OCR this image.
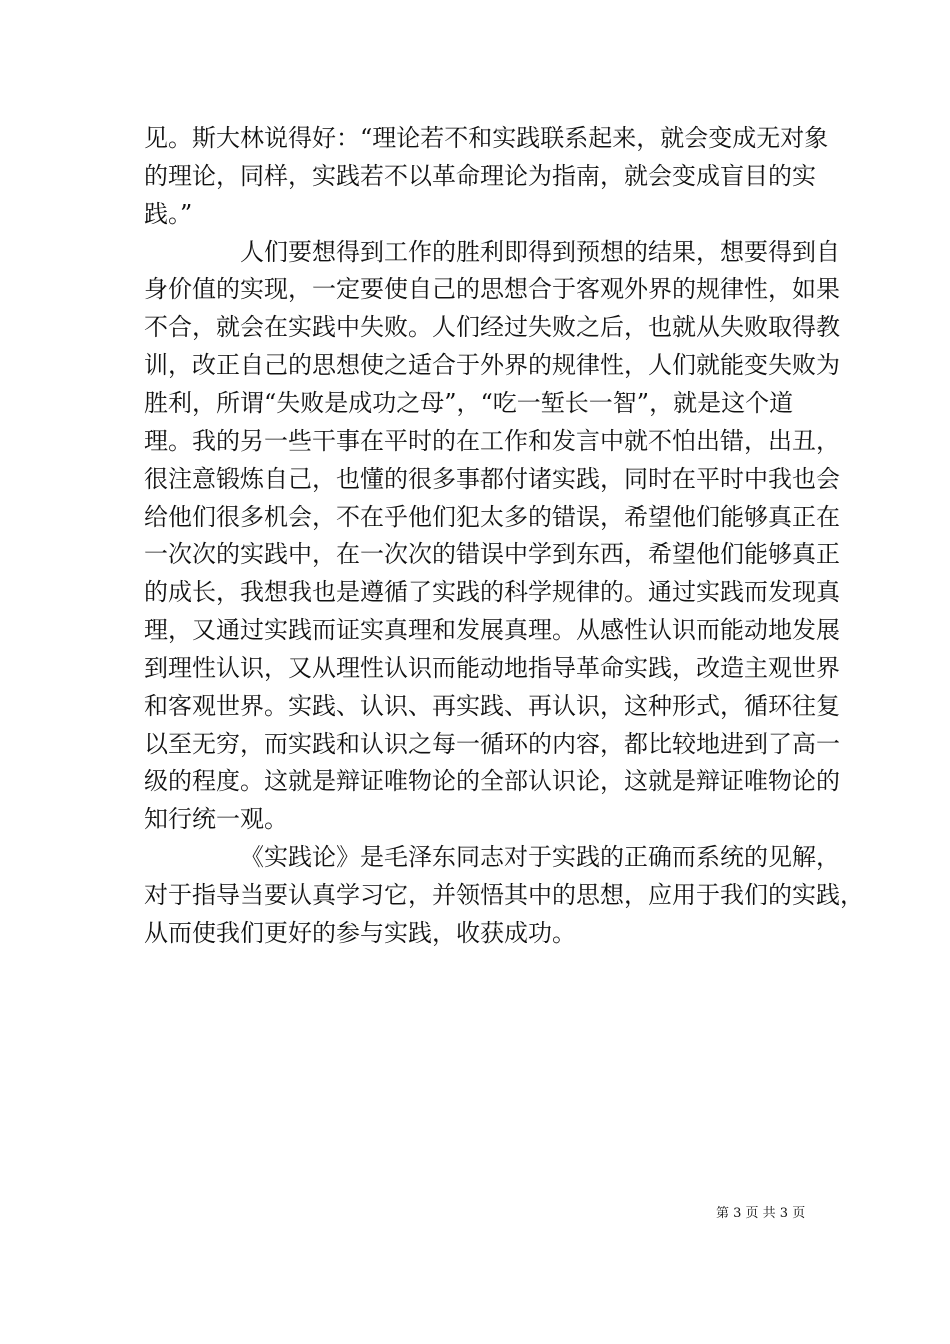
见。斯大林说得好：“理论若不和实践联系起来，就会变成无对象
的理论，同样，实践若不以革命理论为指南，就会变成盲目的实
践。”
人们要想得到工作的胜利即得到预想的结果，想要得到自
身价值的实现，一定要使自己的思想合于客观外界的规律性，如果
不合，就会在实践中失败。人们经过失败之后，也就从失败取得教
训，改正自己的思想使之适合于外界的规律性，人们就能变失败为
胜利，所谓“失败是成功之母”，“吃一堑长一智”，就是这个道
理。我的另一些干事在平时的在工作和发言中就不怕出错，出丑，
很注意锻炼自己，也懂的很多事都付诸实践，同时在平时中我也会
给他们很多机会，不在乎他们犯太多的错误，希望他们能够真正在
一次次的实践中，在一次次的错误中学到东西，希望他们能够真正
的成长，我想我也是遵循了实践的科学规律的。通过实践而发现真
理，又通过实践而证实真理和发展真理。从感性认识而能动地发展
到理性认识，又从理性认识而能动地指导革命实践，改造主观世界
和客观世界。实践、认识、再实践、再认识，这种形式，循环往复
以至无穷，而实践和认识之每一循环的内容，都比较地进到了高一
级的程度。这就是辩证唯物论的全部认识论，这就是辩证唯物论的
知行统一观。
《实践论》是毛泽东同志对于实践的正确而系统的见解，
对于指导当要认真学习它，并领悟其中的思想，应用于我们的实践，
从而使我们更好的参与实践，收获成功。
第 3 页 共 3 页
